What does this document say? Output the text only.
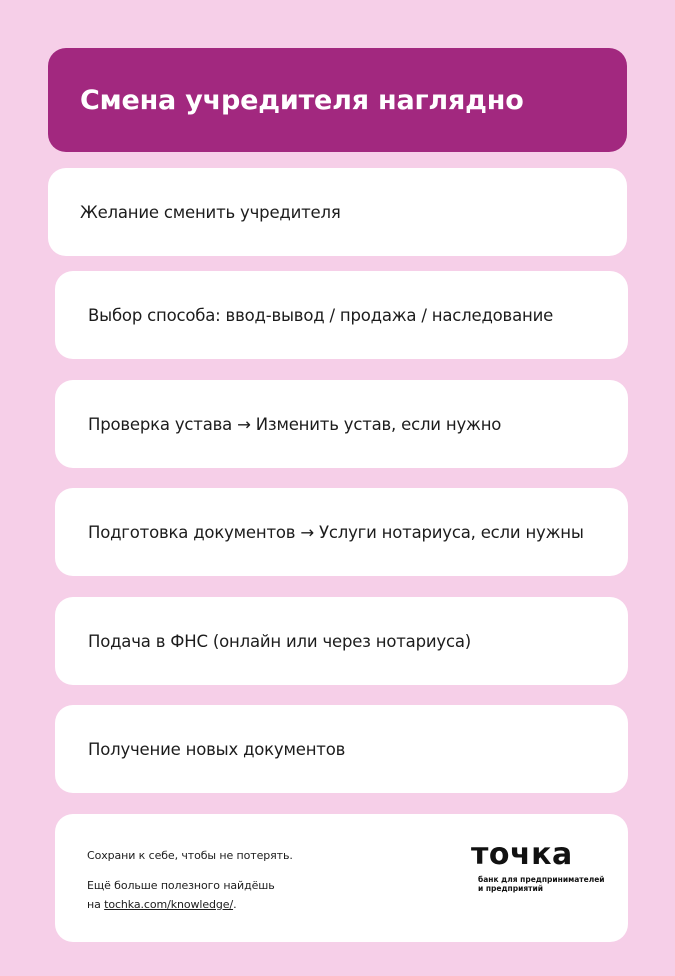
Смена учредителя наглядно
Желание сменить учредителя
Выбор способа: ввод-вывод / продажа / наследование
Проверка устава → Изменить устав, если нужно
Подготовка документов → Услуги нотариуса, если нужны
Подача в ФНС (онлайн или через нотариуса)
Получение новых документов
Сохрани к себе, чтобы не потерять.
Ещё больше полезного найдёшь
на tochka.com/knowledge/.
точка
банк для предпринимателей
и предприятий
